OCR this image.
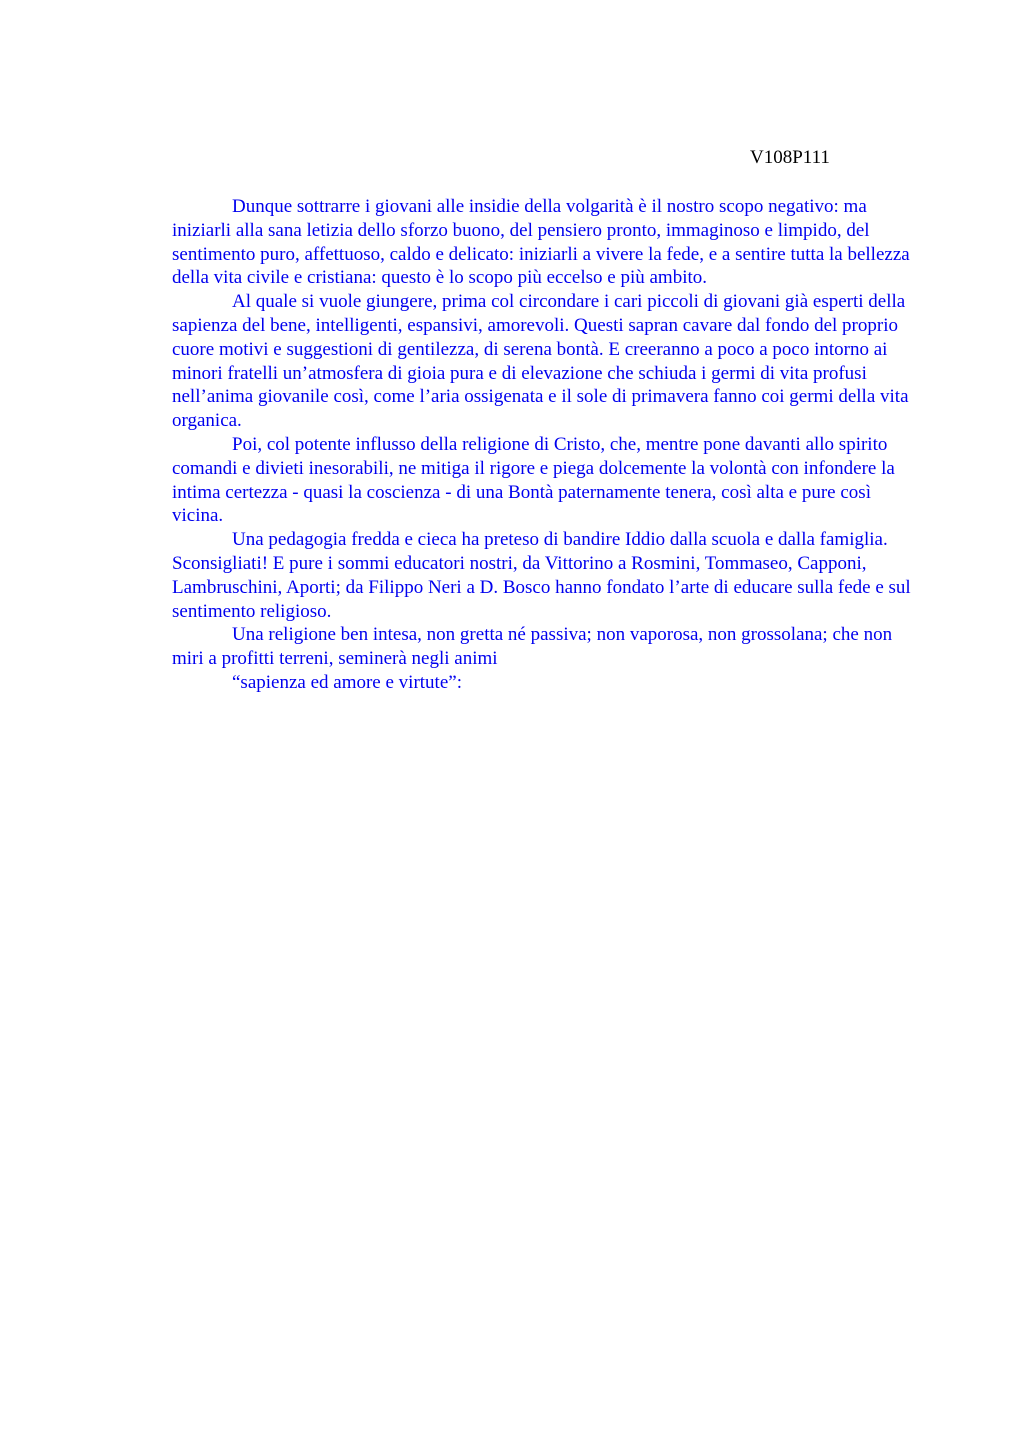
V108P111

Dunque sottrarre i giovani alle insidie della volgarità è il nostro scopo negativo: ma iniziarli alla sana letizia dello sforzo buono, del pensiero pronto, immaginoso e limpido, del sentimento puro, affettuoso, caldo e delicato: iniziarli a vivere la fede, e a sentire tutta la bellezza della vita civile e cristiana: questo è lo scopo più eccelso e più ambito.

Al quale si vuole giungere, prima col circondare i cari piccoli di giovani già esperti della sapienza del bene, intelligenti, espansivi, amorevoli. Questi sapran cavare dal fondo del proprio cuore motivi e suggestioni di gentilezza, di serena bontà. E creeranno a poco a poco intorno ai minori fratelli un’atmosfera di gioia pura e di elevazione che schiuda i germi di vita profusi nell’anima giovanile così, come l’aria ossigenata e il sole di primavera fanno coi germi della vita organica.

Poi, col potente influsso della religione di Cristo, che, mentre pone davanti allo spirito comandi e divieti inesorabili, ne mitiga il rigore e piega dolcemente la volontà con infondere la intima certezza - quasi la coscienza - di una Bontà paternamente tenera, così alta e pure così vicina.

Una pedagogia fredda e cieca ha preteso di bandire Iddio dalla scuola e dalla famiglia. Sconsigliati! E pure i sommi educatori nostri, da Vittorino a Rosmini, Tommaseo, Capponi, Lambruschini, Aporti; da Filippo Neri a D. Bosco hanno fondato l’arte di educare sulla fede e sul sentimento religioso.

Una religione ben intesa, non gretta né passiva; non vaporosa, non grossolana; che non miri a profitti terreni, seminerà negli animi

“sapienza ed amore e virtute”:
